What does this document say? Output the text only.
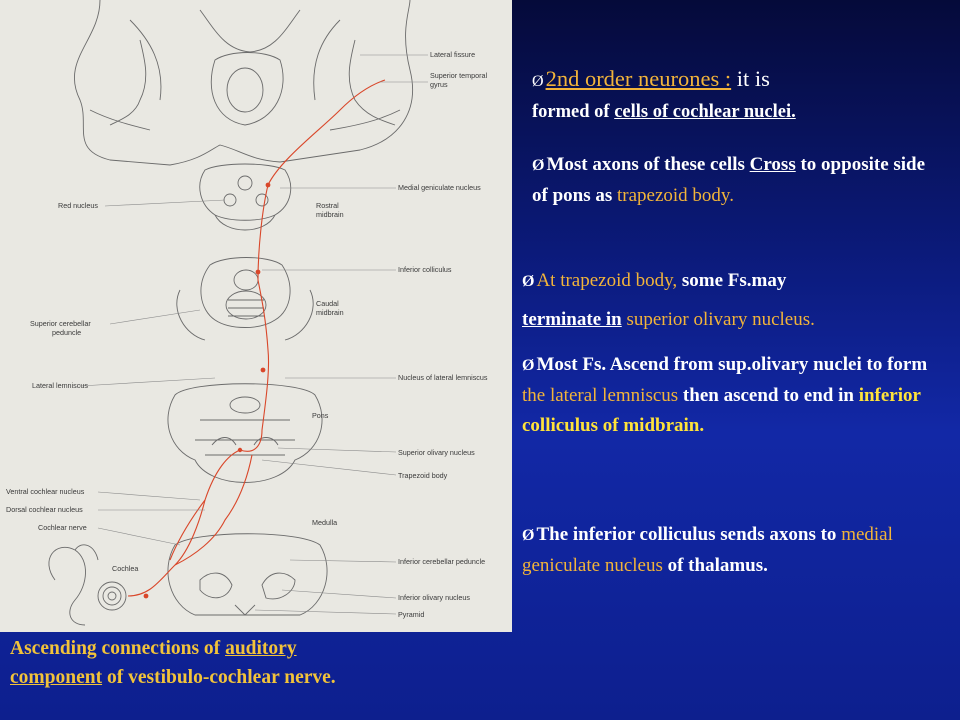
Lateral fissure
Superior temporal
gyrus
Medial geniculate nucleus
Red nucleus	Rostral
midbrain
Inferior colliculus
Caudal
midbrain
Superior cerebellar
peduncle
Nucleus of lateral lemniscus
Lateral lemniscus
Pons
Superior olivary nucleus
Trapezoid body
Ventral cochlear nucleus
Dorsal cochlear nucleus
Cochlear nerve
Medulla
Cochlea
Inferior cerebellar peduncle
Inferior olivary nucleus
Pyramid
Ascending connections of auditory
component of vestibulo-cochlear nerve.
Ø2nd order neurones : it is
formed of cells of cochlear nuclei.
Ø Most axons of these cells Cross to opposite side of pons as trapezoid body.
Ø At trapezoid body, some Fs.may
terminate in superior olivary nucleus.
Ø Most Fs. Ascend from sup.olivary nuclei to form the lateral lemniscus then ascend to end in inferior colliculus of midbrain.
Ø The inferior colliculus sends axons to medial geniculate nucleus of thalamus.
